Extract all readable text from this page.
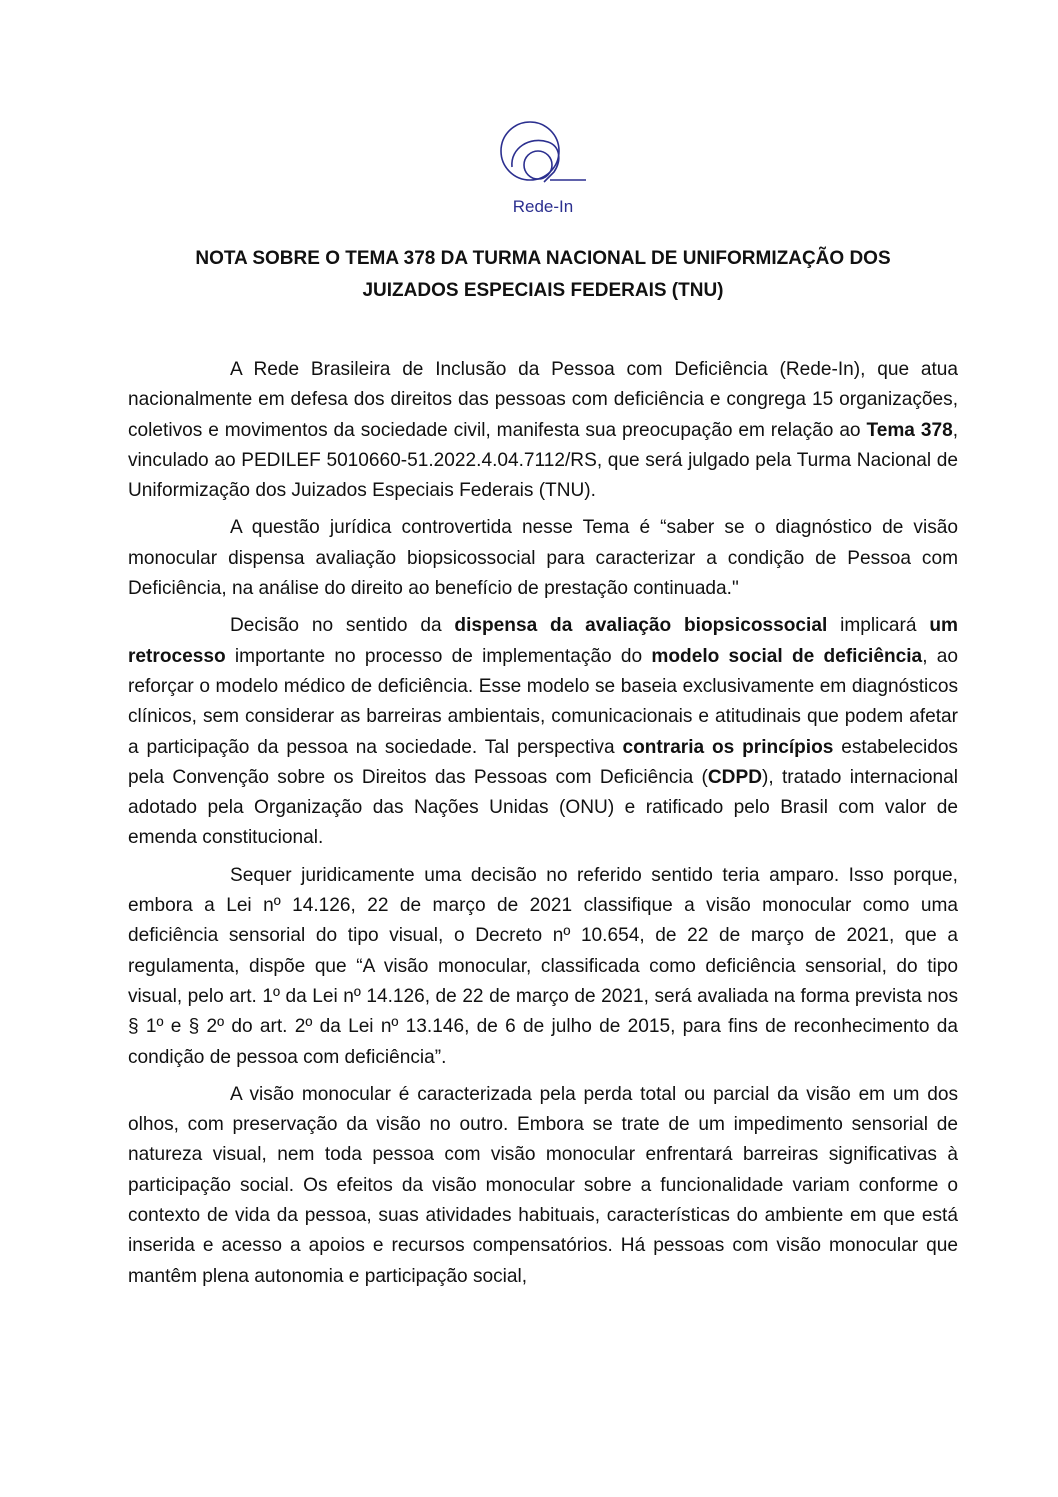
Rede-In
NOTA SOBRE O TEMA 378 DA TURMA NACIONAL DE UNIFORMIZAÇÃO DOS
JUIZADOS ESPECIAIS FEDERAIS (TNU)

A Rede Brasileira de Inclusão da Pessoa com Deficiência (Rede-In), que atua nacionalmente em defesa dos direitos das pessoas com deficiência e congrega 15 organizações, coletivos e movimentos da sociedade civil, manifesta sua preocupação em relação ao Tema 378, vinculado ao PEDILEF 5010660-51.2022.4.04.7112/RS, que será julgado pela Turma Nacional de Uniformização dos Juizados Especiais Federais (TNU).

A questão jurídica controvertida nesse Tema é “saber se o diagnóstico de visão monocular dispensa avaliação biopsicossocial para caracterizar a condição de Pessoa com Deficiência, na análise do direito ao benefício de prestação continuada."

Decisão no sentido da dispensa da avaliação biopsicossocial implicará um retrocesso importante no processo de implementação do modelo social de deficiência, ao reforçar o modelo médico de deficiência. Esse modelo se baseia exclusivamente em diagnósticos clínicos, sem considerar as barreiras ambientais, comunicacionais e atitudinais que podem afetar a participação da pessoa na sociedade. Tal perspectiva contraria os princípios estabelecidos pela Convenção sobre os Direitos das Pessoas com Deficiência (CDPD), tratado internacional adotado pela Organização das Nações Unidas (ONU) e ratificado pelo Brasil com valor de emenda constitucional.

Sequer juridicamente uma decisão no referido sentido teria amparo. Isso porque, embora a Lei nº 14.126, 22 de março de 2021 classifique a visão monocular como uma deficiência sensorial do tipo visual, o Decreto nº 10.654, de 22 de março de 2021, que a regulamenta, dispõe que “A visão monocular, classificada como deficiência sensorial, do tipo visual, pelo art. 1º da Lei nº 14.126, de 22 de março de 2021, será avaliada na forma prevista nos § 1º e § 2º do art. 2º da Lei nº 13.146, de 6 de julho de 2015, para fins de reconhecimento da condição de pessoa com deficiência”.

A visão monocular é caracterizada pela perda total ou parcial da visão em um dos olhos, com preservação da visão no outro. Embora se trate de um impedimento sensorial de natureza visual, nem toda pessoa com visão monocular enfrentará barreiras significativas à participação social. Os efeitos da visão monocular sobre a funcionalidade variam conforme o contexto de vida da pessoa, suas atividades habituais, características do ambiente em que está inserida e acesso a apoios e recursos compensatórios. Há pessoas com visão monocular que mantêm plena autonomia e participação social,
